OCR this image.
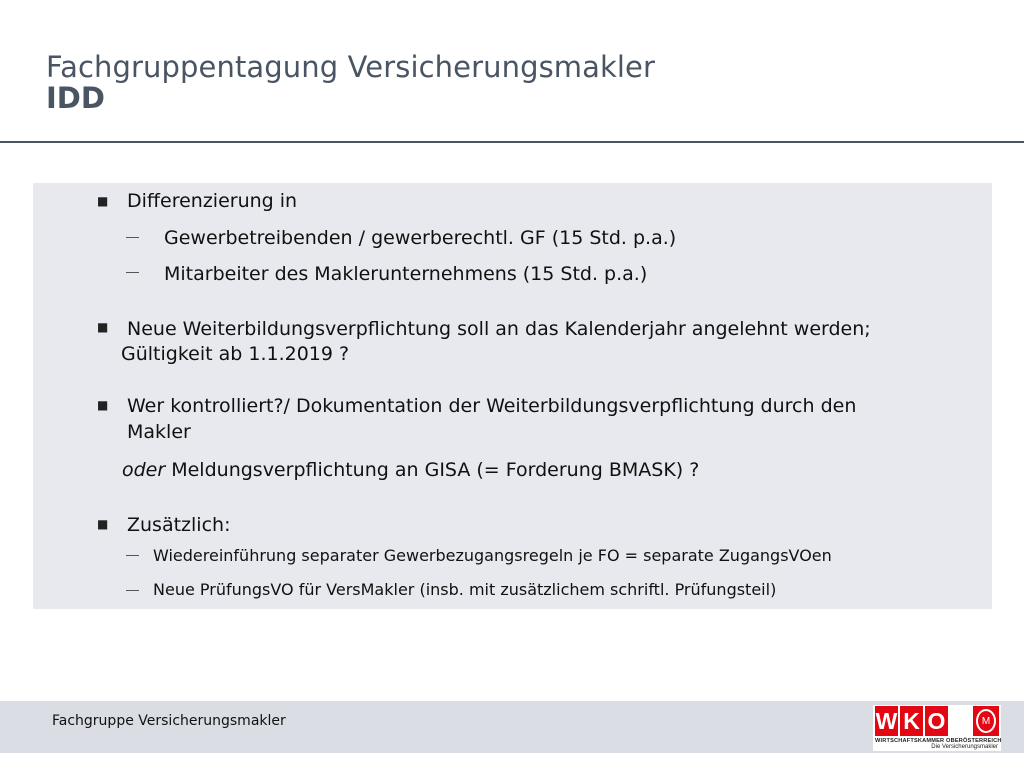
Fachgruppentagung Versicherungsmakler
IDD
■ Differenzierung in
Gewerbetreibenden / gewerberechtl. GF (15 Std. p.a.)
Mitarbeiter des Maklerunternehmens (15 Std. p.a.)
■ Neue Weiterbildungsverpflichtung soll an das Kalenderjahr angelehnt werden;
Gültigkeit ab 1.1.2019 ?
■ Wer kontrolliert?/ Dokumentation der Weiterbildungsverpflichtung durch den
Makler
oder Meldungsverpflichtung an GISA (= Forderung BMASK) ?
■ Zusätzlich:
Wiedereinführung separater Gewerbezugangsregeln je FO = separate ZugangsVOen
Neue PrüfungsVO für VersMakler (insb. mit zusätzlichem schriftl. Prüfungsteil)
Fachgruppe Versicherungsmakler	W K O	M
WIRTSCHAFTSKAMMER OBERÖSTERREICH
Die Versicherungsmakler
